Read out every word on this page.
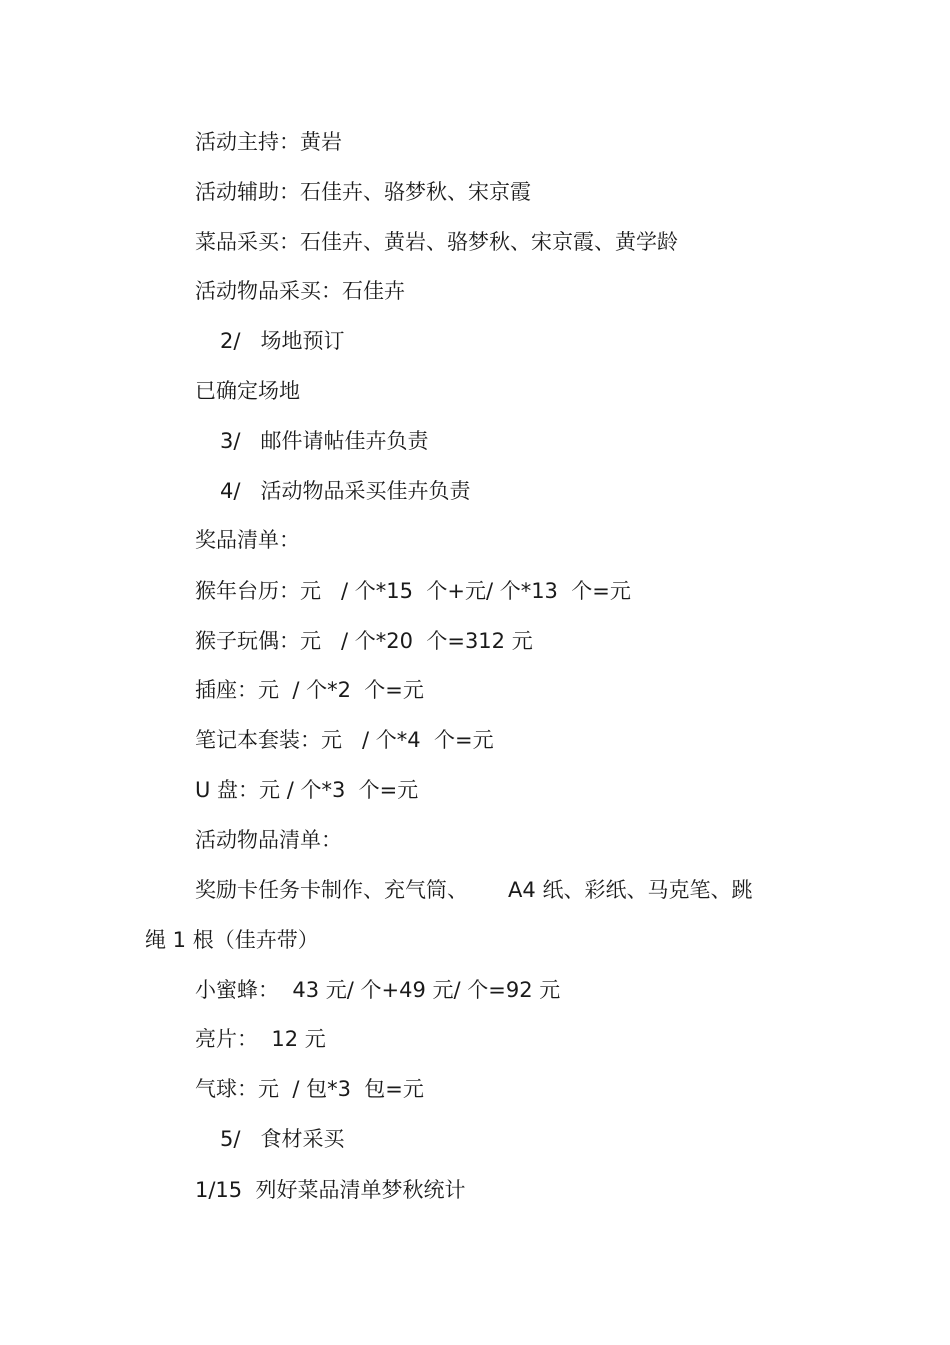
活动主持：黄岩
活动辅助：石佳卉、骆梦秋、宋京霞
菜品采买：石佳卉、黄岩、骆梦秋、宋京霞、黄学龄
活动物品采买：石佳卉
2/   场地预订
已确定场地
3/   邮件请帖佳卉负责
4/   活动物品采买佳卉负责
奖品清单：
猴年台历：元   / 个*15  个+元/ 个*13  个=元
猴子玩偶：元   / 个*20  个=312 元
插座：元  / 个*2  个=元
笔记本套装：元   / 个*4  个=元
U 盘：元 / 个*3  个=元
活动物品清单：
奖励卡任务卡制作、充气筒、      A4 纸、彩纸、马克笔、跳
绳 1 根（佳卉带）
小蜜蜂：  43 元/ 个+49 元/ 个=92 元
亮片：  12 元
气球：元  / 包*3  包=元
5/   食材采买
1/15  列好菜品清单梦秋统计
